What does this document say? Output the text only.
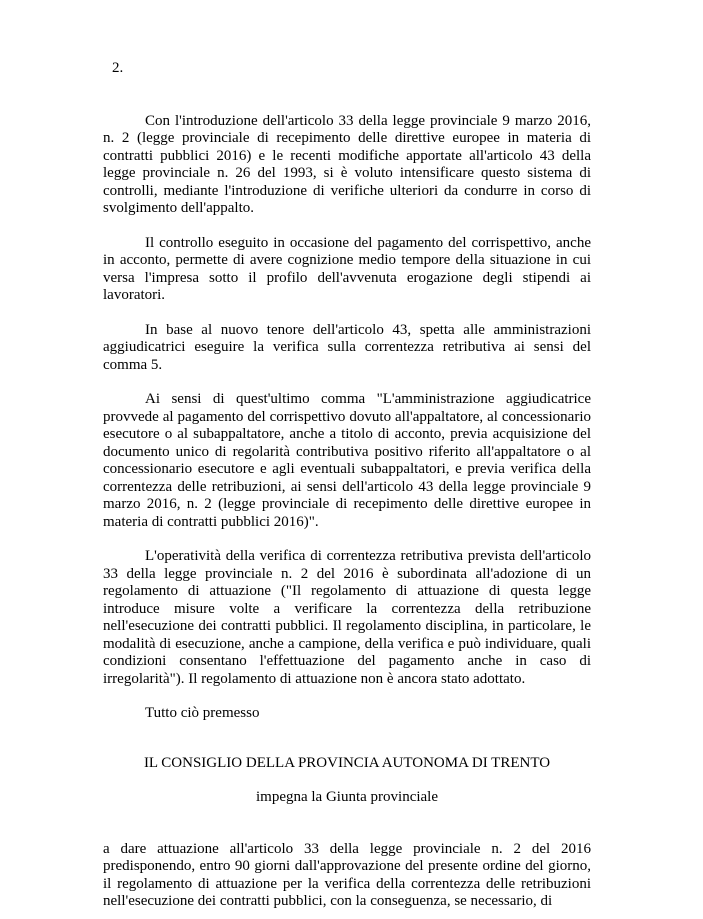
2.

Con l'introduzione dell'articolo 33 della legge provinciale 9 marzo 2016, n. 2 (legge provinciale di recepimento delle direttive europee in materia di contratti pubblici 2016) e le recenti modifiche apportate all'articolo 43 della legge provinciale n. 26 del 1993, si è voluto intensificare questo sistema di controlli, mediante l'introduzione di verifiche ulteriori da condurre in corso di svolgimento dell'appalto.

Il controllo eseguito in occasione del pagamento del corrispettivo, anche in acconto, permette di avere cognizione medio tempore della situazione in cui versa l'impresa sotto il profilo dell'avvenuta erogazione degli stipendi ai lavoratori.

In base al nuovo tenore dell'articolo 43, spetta alle amministrazioni aggiudicatrici eseguire la verifica sulla correntezza retributiva ai sensi del comma 5.

Ai sensi di quest'ultimo comma "L'amministrazione aggiudicatrice provvede al pagamento del corrispettivo dovuto all'appaltatore, al concessionario esecutore o al subappaltatore, anche a titolo di acconto, previa acquisizione del documento unico di regolarità contributiva positivo riferito all'appaltatore o al concessionario esecutore e agli eventuali subappaltatori, e previa verifica della correntezza delle retribuzioni, ai sensi dell'articolo 43 della legge provinciale 9 marzo 2016, n. 2 (legge provinciale di recepimento delle direttive europee in materia di contratti pubblici 2016)".

L'operatività della verifica di correntezza retributiva prevista dell'articolo 33 della legge provinciale n. 2 del 2016 è subordinata all'adozione di un regolamento di attuazione ("Il regolamento di attuazione di questa legge introduce misure volte a verificare la correntezza della retribuzione nell'esecuzione dei contratti pubblici. Il regolamento disciplina, in particolare, le modalità di esecuzione, anche a campione, della verifica e può individuare, quali condizioni consentano l'effettuazione del pagamento anche in caso di irregolarità"). Il regolamento di attuazione non è ancora stato adottato.

Tutto ciò premesso

IL CONSIGLIO DELLA PROVINCIA AUTONOMA DI TRENTO

impegna la Giunta provinciale

a dare attuazione all'articolo 33 della legge provinciale n. 2 del 2016 predisponendo, entro 90 giorni dall'approvazione del presente ordine del giorno, il regolamento di attuazione per la verifica della correntezza delle retribuzioni nell'esecuzione dei contratti pubblici, con la conseguenza, se necessario, di
